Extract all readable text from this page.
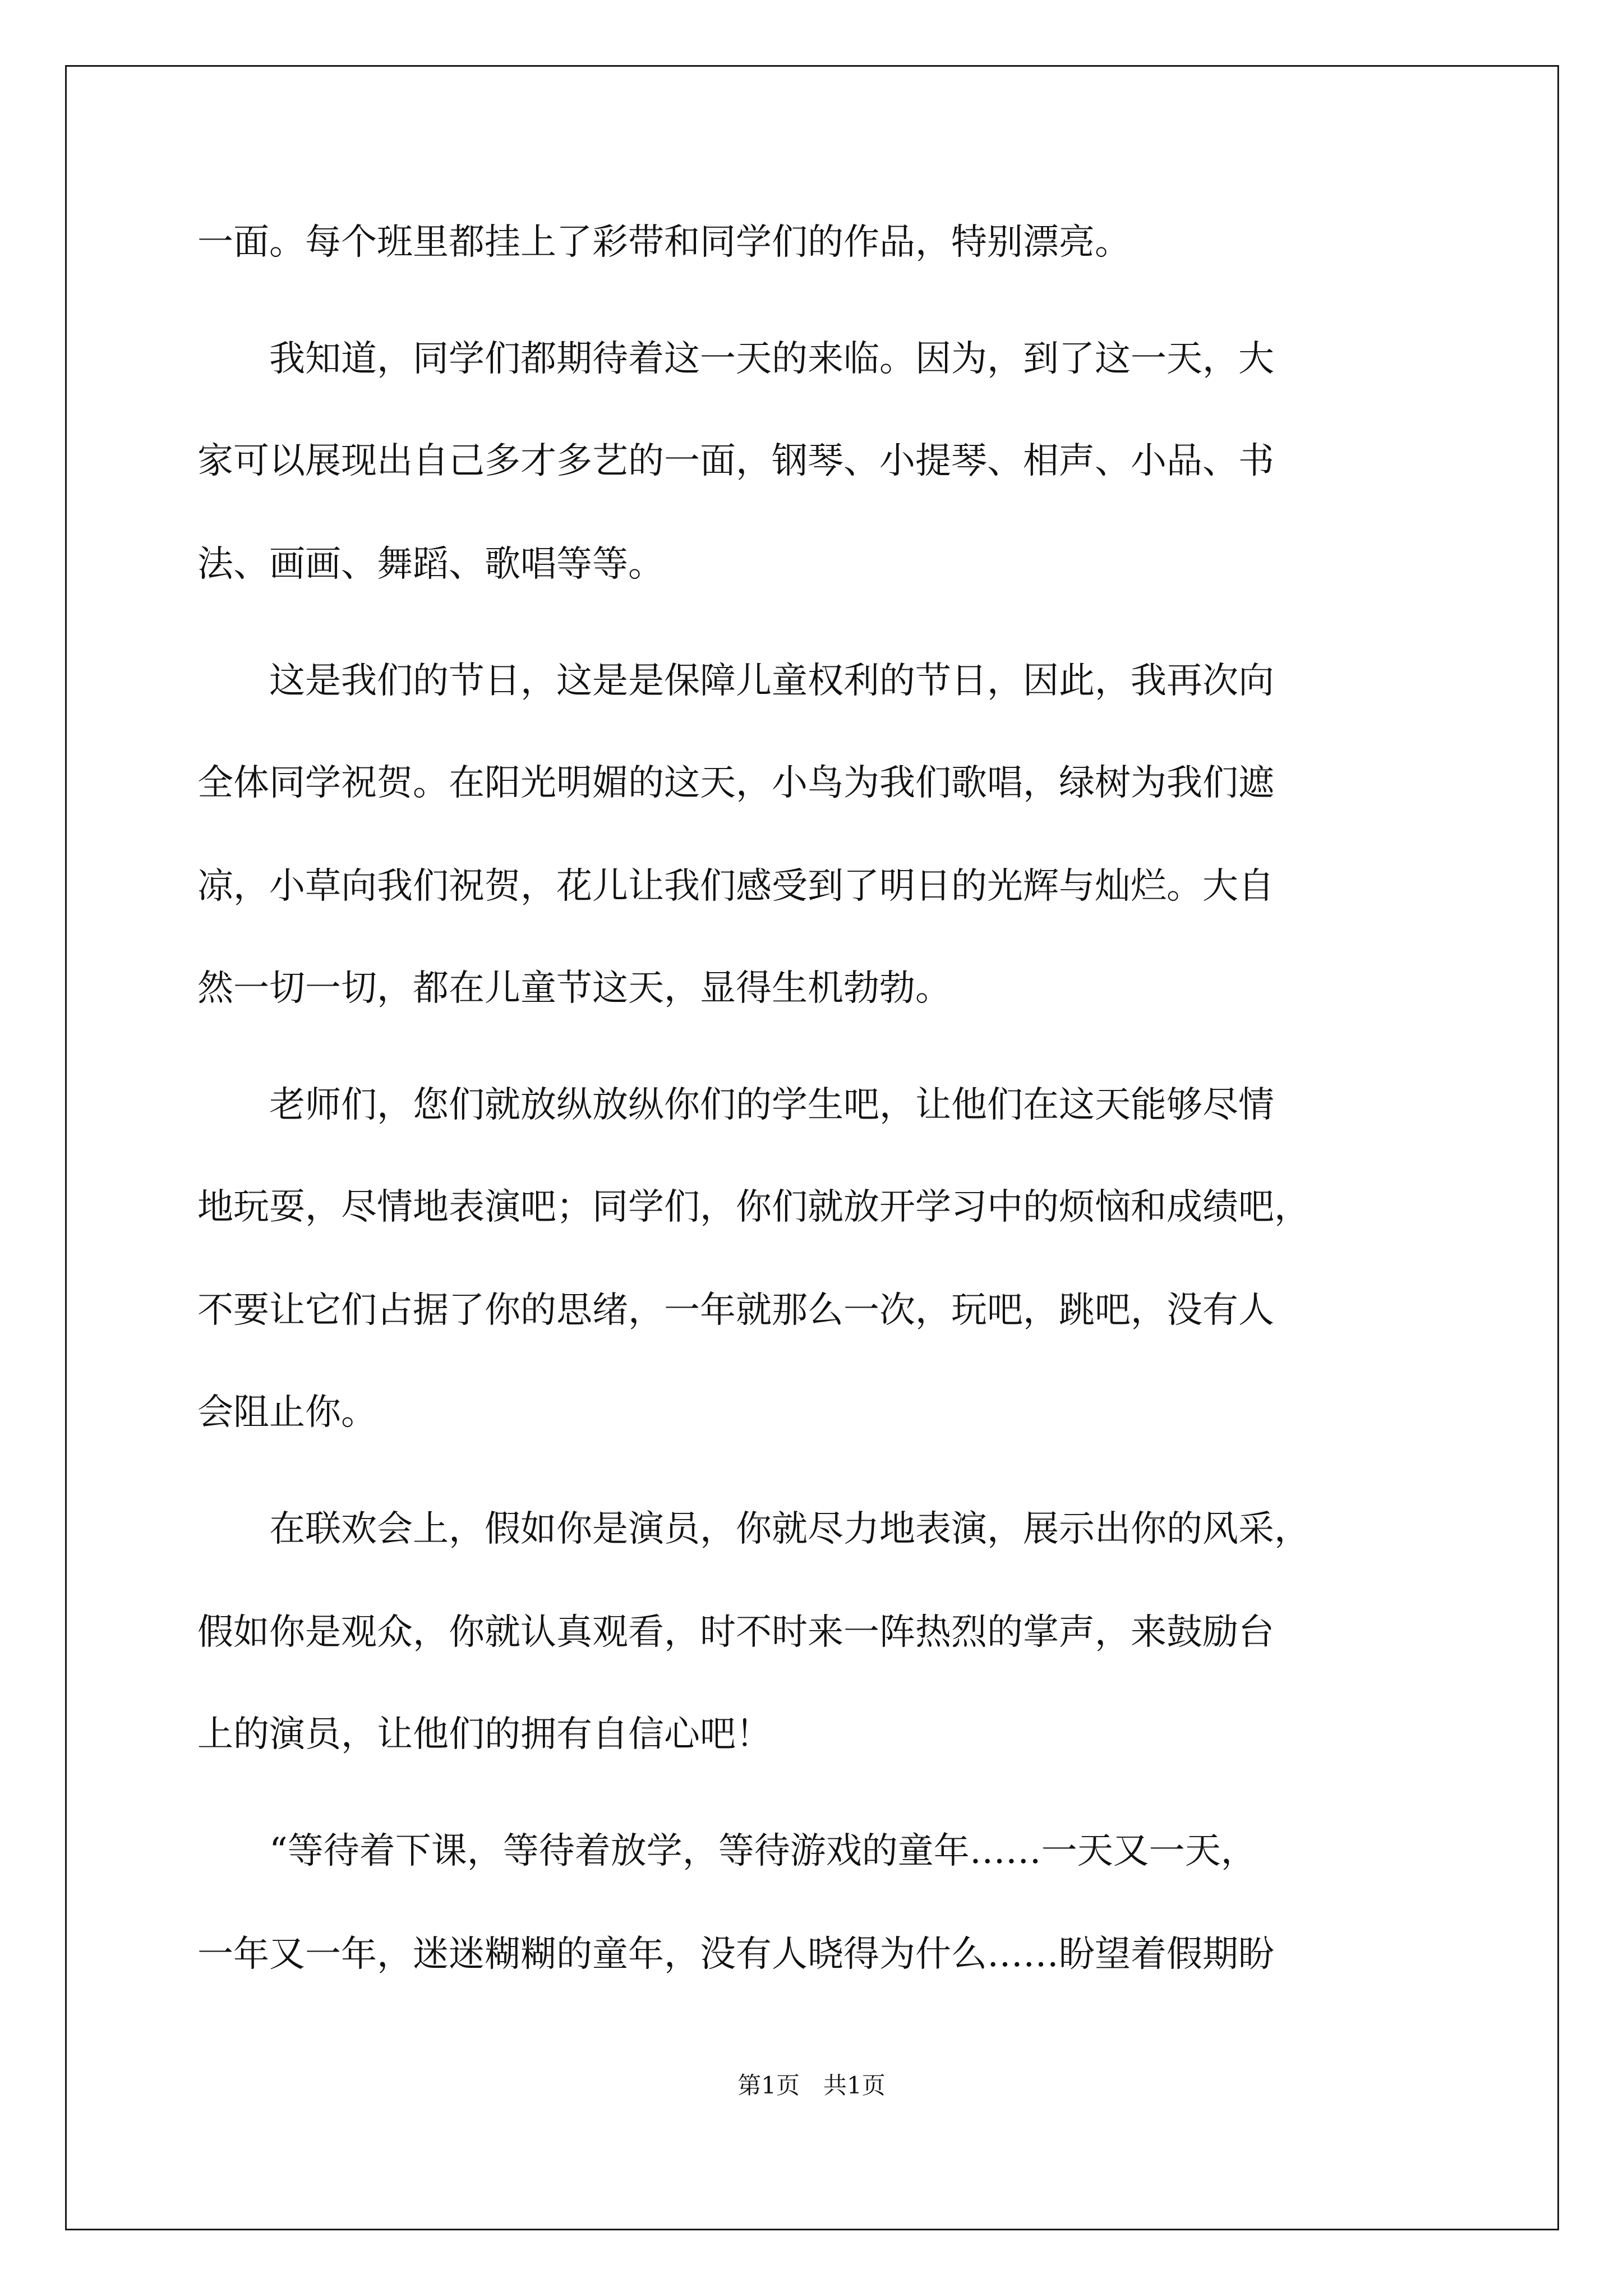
一面。每个班里都挂上了彩带和同学们的作品，特别漂亮。
　　我知道，同学们都期待着这一天的来临。因为，到了这一天，大
家可以展现出自己多才多艺的一面，钢琴、小提琴、相声、小品、书
法、画画、舞蹈、歌唱等等。
　　这是我们的节日，这是是保障儿童权利的节日，因此，我再次向
全体同学祝贺。在阳光明媚的这天，小鸟为我们歌唱，绿树为我们遮
凉，小草向我们祝贺，花儿让我们感受到了明日的光辉与灿烂。大自
然一切一切，都在儿童节这天，显得生机勃勃。
　　老师们，您们就放纵放纵你们的学生吧，让他们在这天能够尽情
地玩耍，尽情地表演吧；同学们，你们就放开学习中的烦恼和成绩吧，
不要让它们占据了你的思绪，一年就那么一次，玩吧，跳吧，没有人
会阻止你。
　　在联欢会上，假如你是演员，你就尽力地表演，展示出你的风采，
假如你是观众，你就认真观看，时不时来一阵热烈的掌声，来鼓励台
上的演员，让他们的拥有自信心吧！
　　“等待着下课，等待着放学，等待游戏的童年……一天又一天，
一年又一年，迷迷糊糊的童年，没有人晓得为什么……盼望着假期盼
第1页　共1页
